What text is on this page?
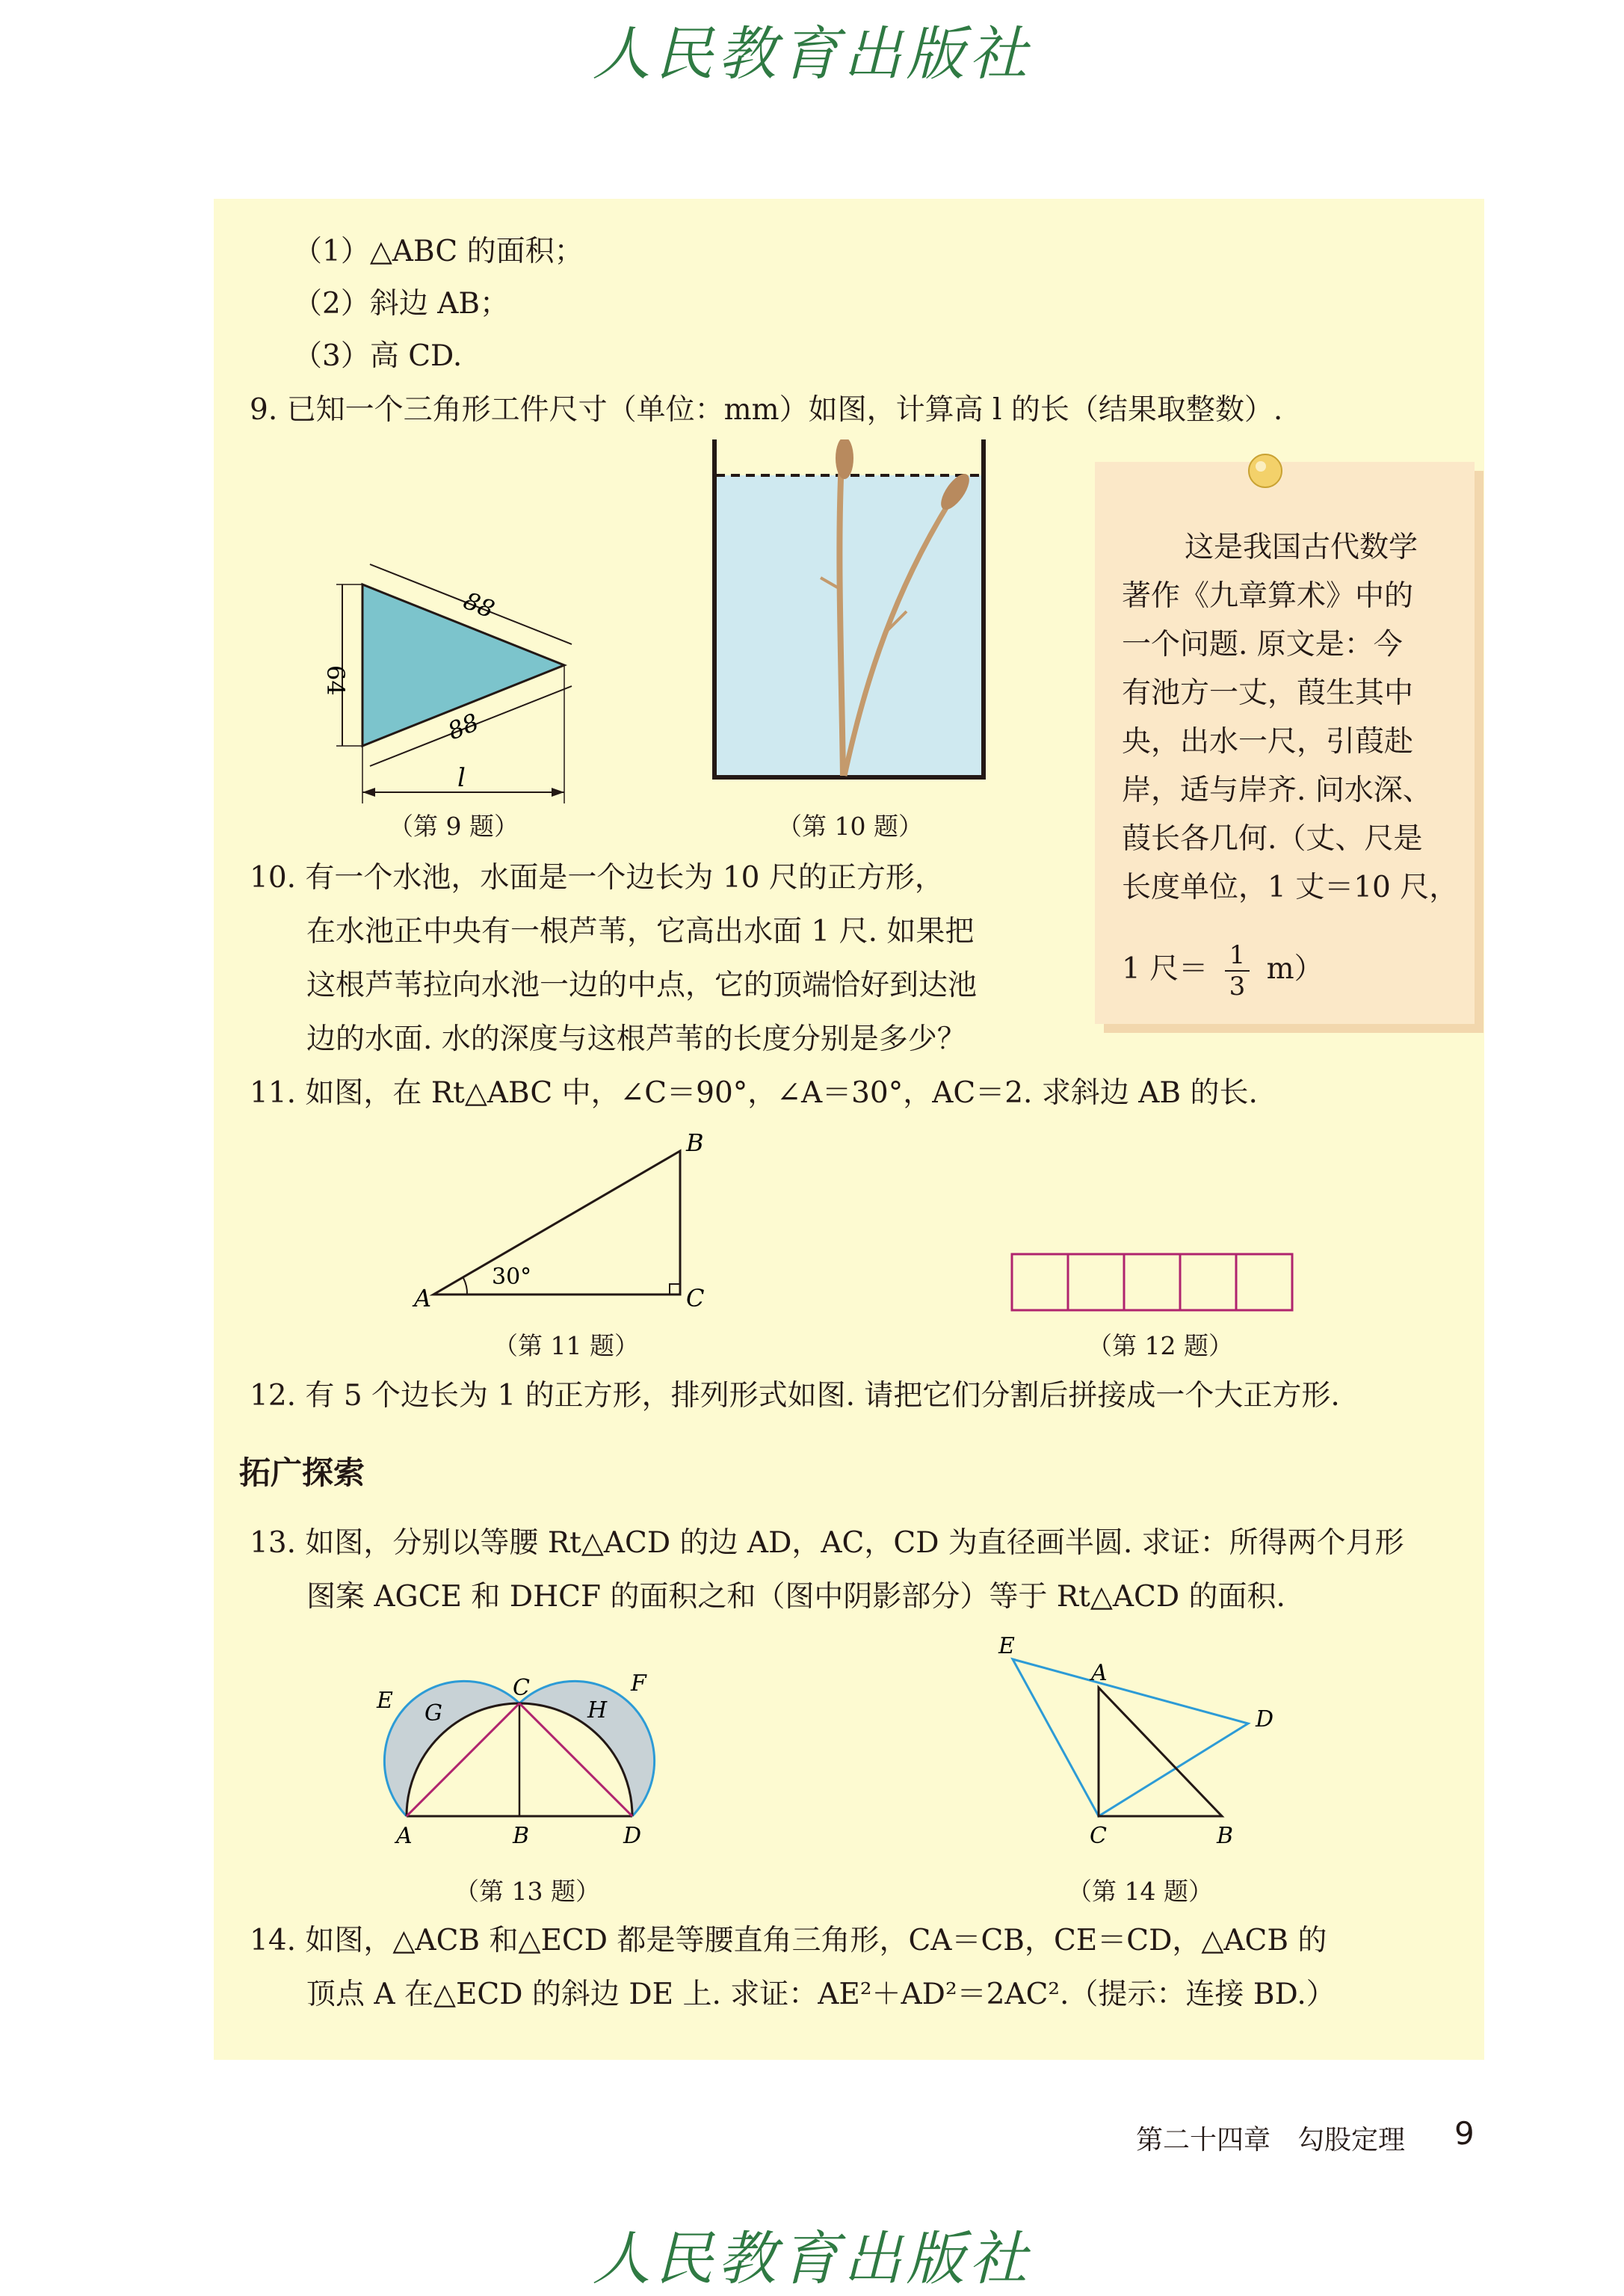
人民教育出版社
（1）△ABC 的面积；
（2）斜边 AB；
（3）高 CD.
9. 已知一个三角形工件尺寸（单位：mm）如图，计算高 l 的长（结果取整数）.
64
88
88
l
（第 9 题）	（第 10 题）
这是我国古代数学
著作《九章算术》中的
一个问题. 原文是：今
有池方一丈，葭生其中
央，出水一尺，引葭赴
岸，适与岸齐. 问水深、
葭长各几何.（丈、尺是
长度单位，1 丈＝10 尺，
1 尺＝ $\frac{1}{3} m$）
10. 有一个水池，水面是一个边长为 10 尺的正方形，
在水池正中央有一根芦苇，它高出水面 1 尺. 如果把
这根芦苇拉向水池一边的中点，它的顶端恰好到达池
边的水面. 水的深度与这根芦苇的长度分别是多少？
11. 如图，在 Rt△ABC 中，∠C＝90°，∠A＝30°，AC＝2. 求斜边 AB 的长.
A
B
C
30°
（第 11 题）	（第 12 题）
12. 有 5 个边长为 1 的正方形，排列形式如图. 请把它们分割后拼接成一个大正方形.
拓广探索
13. 如图，分别以等腰 Rt△ACD 的边 AD，AC，CD 为直径画半圆. 求证：所得两个月形
图案 AGCE 和 DHCF 的面积之和（图中阴影部分）等于 Rt△ACD 的面积.
E G
C
H
F
A	B	D
（第 13 题）
E
A
D
C	B
（第 14 题）
14. 如图，△ACB 和△ECD 都是等腰直角三角形，CA＝CB，CE＝CD，△ACB 的
顶点 A 在△ECD 的斜边 DE 上. 求证：AE²＋AD²＝2AC².（提示：连接 BD.）
第二十四章　勾股定理 9
人民教育出版社
